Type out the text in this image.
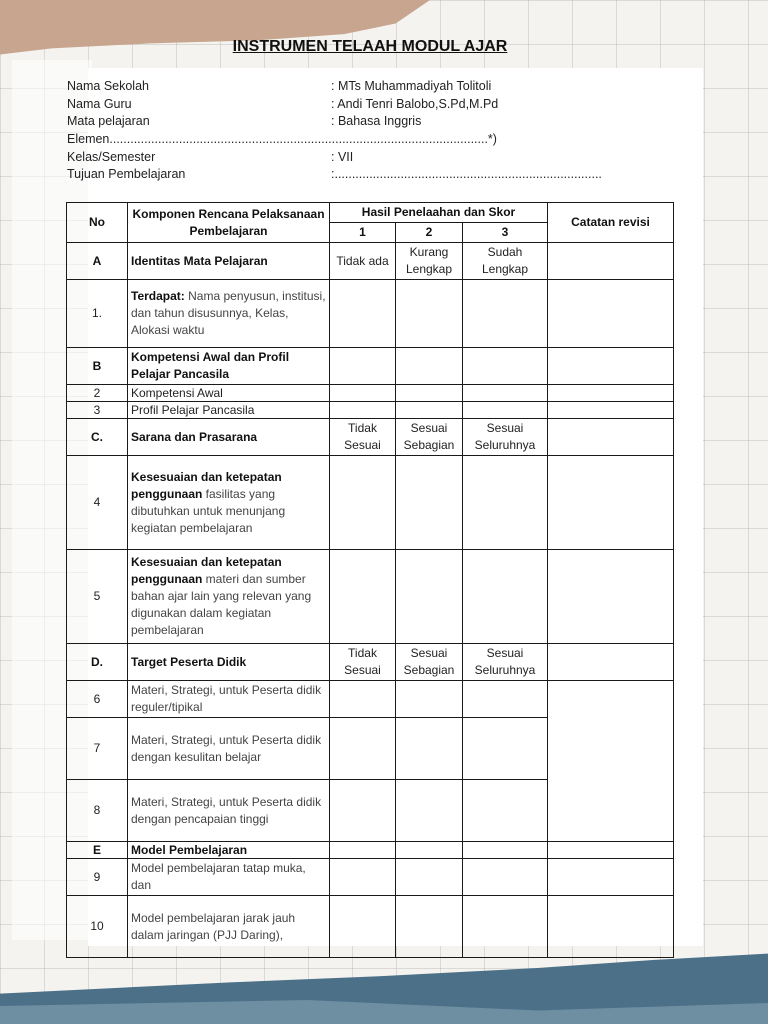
INSTRUMEN TELAAH MODUL AJAR
Nama Sekolah	: MTs Muhammadiyah Tolitoli
Nama Guru	: Andi Tenri Balobo,S.Pd,M.Pd
Mata pelajaran	: Bahasa Inggris
Elemen.............................................................................................................*)
Kelas/Semester	: VII
Tujuan Pembelajaran	:.............................................................................
No	Komponen Rencana Pelaksanaan Pembelajaran	Hasil Penelaahan dan Skor			Catatan revisi
		1	2	3	
A	Identitas Mata Pelajaran	Tidak ada	Kurang Lengkap	Sudah Lengkap	
1.	Terdapat: Nama penyusun, institusi, dan tahun disusunnya, Kelas, Alokasi waktu				
B	Kompetensi Awal dan Profil Pelajar Pancasila				
2	Kompetensi Awal				
3	Profil Pelajar Pancasila				
C.	Sarana dan Prasarana	Tidak Sesuai	Sesuai Sebagian	Sesuai Seluruhnya	
4	Kesesuaian dan ketepatan penggunaan fasilitas yang dibutuhkan untuk menunjang kegiatan pembelajaran				
5	Kesesuaian dan ketepatan penggunaan materi dan sumber bahan ajar lain yang relevan yang digunakan dalam kegiatan pembelajaran				
D.	Target Peserta Didik	Tidak Sesuai	Sesuai Sebagian	Sesuai Seluruhnya	
6	Materi, Strategi, untuk Peserta didik reguler/tipikal				
7	Materi, Strategi, untuk Peserta didik dengan kesulitan belajar				
8	Materi, Strategi, untuk Peserta didik dengan pencapaian tinggi				
E	Model Pembelajaran				
9	Model pembelajaran tatap muka, dan				
10	Model pembelajaran jarak jauh dalam jaringan (PJJ Daring),				
